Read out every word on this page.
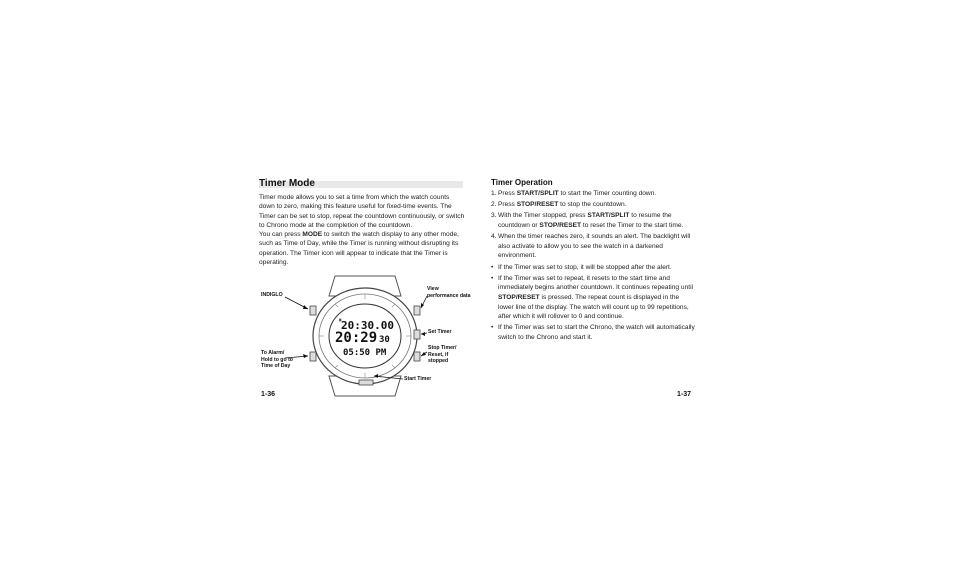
Timer Mode

Timer mode allows you to set a time from which the watch counts down to zero, making this feature useful for fixed-time events. The Timer can be set to stop, repeat the countdown continuously, or switch to Chrono mode at the completion of the countdown.

You can press MODE to switch the watch display to any other mode, such as Time of Day, while the Timer is running without disrupting its operation. The Timer icon will appear to indicate that the Timer is operating.

▣ 20:30.00
20:29 30
05:50 PM
INDIGLO
View performance data
Set Timer
Stop Timer/ Reset, if stopped
To Alarm/ Hold to go to Time of Day
Start Timer
1-36
Timer Operation
1. Press START/SPLIT to start the Timer counting down.
2. Press STOP/RESET to stop the countdown.
3. With the Timer stopped, press START/SPLIT to resume the countdown or STOP/RESET to reset the Timer to the start time.
4. When the timer reaches zero, it sounds an alert. The backlight will also activate to allow you to see the watch in a darkened environment.
• If the Timer was set to stop, it will be stopped after the alert.
• If the Timer was set to repeat, it resets to the start time and immediately begins another countdown. It continues repeating until STOP/RESET is pressed. The repeat count is displayed in the lower line of the display. The watch will count up to 99 repetitions, after which it will rollover to 0 and continue.
• If the Timer was set to start the Chrono, the watch will automatically switch to the Chrono and start it.
1-37
